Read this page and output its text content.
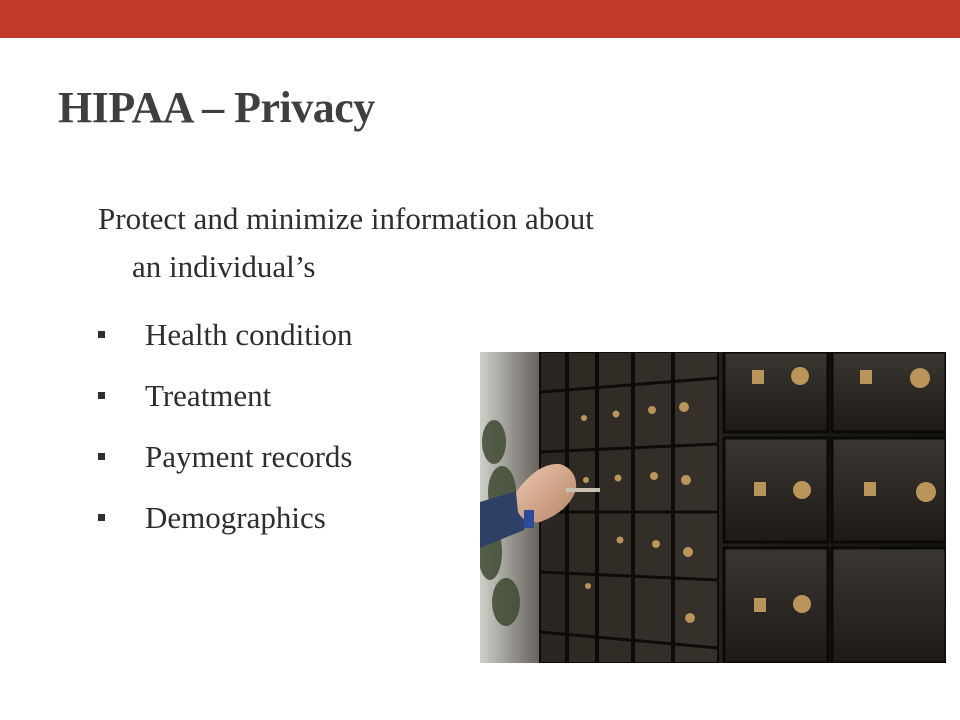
HIPAA – Privacy

Protect and minimize information about
an individual’s

Health condition
Treatment
Payment records
Demographics
